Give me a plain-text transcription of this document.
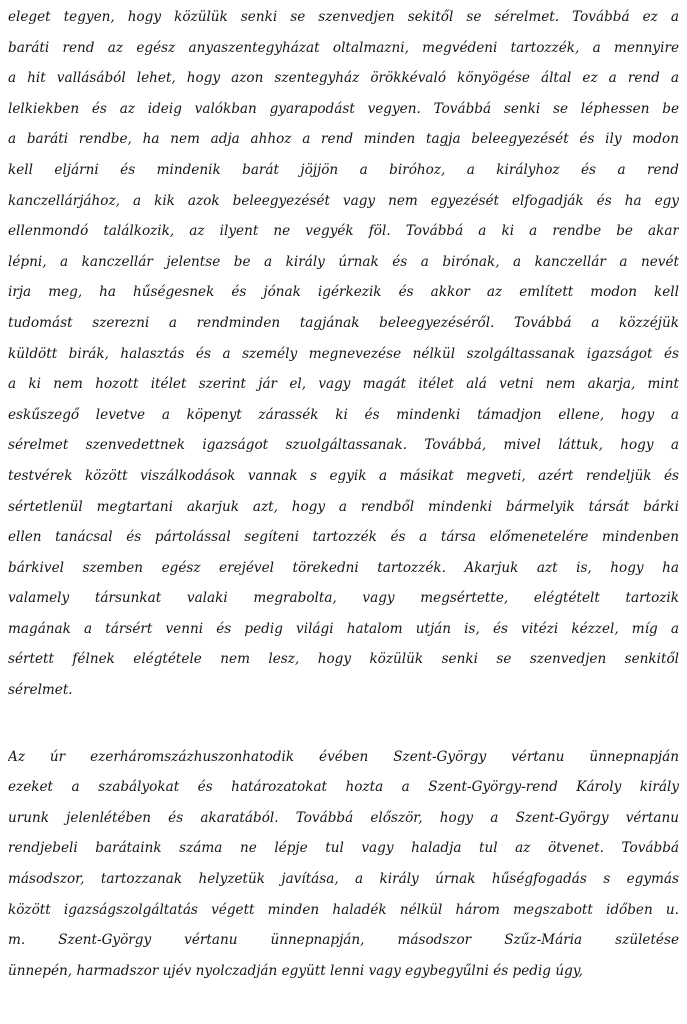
eleget tegyen, hogy közülük senki se szenvedjen sekitől se sérelmet. Továbbá ez a
baráti rend az egész anyaszentegyházat oltalmazni, megvédeni tartozzék, a mennyire
a hit vallásából lehet, hogy azon szentegyház örökkévaló könyögése által ez a rend a
lelkiekben és az ideig valókban gyarapodást vegyen. Továbbá senki se léphessen be
a baráti rendbe, ha nem adja ahhoz a rend minden tagja beleegyezését és ily modon
kell eljárni és mindenik barát jöjjön a biróhoz, a királyhoz és a rend
kanczellárjához, a kik azok beleegyezését vagy nem egyezését elfogadják és ha egy
ellenmondó találkozik, az ilyent ne vegyék föl. Továbbá a ki a rendbe be akar
lépni, a kanczellár jelentse be a király úrnak és a birónak, a kanczellár a nevét
irja meg, ha hűségesnek és jónak igérkezik és akkor az említett modon kell
tudomást szerezni a rendminden tagjának beleegyezéséről. Továbbá a közzéjük
küldött birák, halasztás és a személy megnevezése nélkül szolgáltassanak igazságot és
a ki nem hozott itélet szerint jár el, vagy magát itélet alá vetni nem akarja, mint
eskűszegő levetve a köpenyt zárassék ki és mindenki támadjon ellene, hogy a
sérelmet szenvedettnek igazságot szuolgáltassanak. Továbbá, mivel láttuk, hogy a
testvérek között viszálkodások vannak s egyik a másikat megveti, azért rendeljük és
sértetlenül megtartani akarjuk azt, hogy a rendből mindenki bármelyik társát bárki
ellen tanácsal és pártolással segíteni tartozzék és a társa előmenetelére mindenben
bárkivel szemben egész erejével törekedni tartozzék. Akarjuk azt is, hogy ha
valamely társunkat valaki megrabolta, vagy megsértette, elégtételt tartozik
magának a társért venni és pedig világi hatalom utján is, és vitézi kézzel, míg a
sértett félnek elégtétele nem lesz, hogy közülük senki se szenvedjen senkitől
sérelmet.
Az úr ezerháromszázhuszonhatodik évében Szent-György vértanu ünnepnapján
ezeket a szabályokat és határozatokat hozta a Szent-György-rend Károly király
urunk jelenlétében és akaratából. Továbbá először, hogy a Szent-György vértanu
rendjebeli barátaink száma ne lépje tul vagy haladja tul az ötvenet. Továbbá
másodszor, tartozzanak helyzetük javítása, a király úrnak hűségfogadás s egymás
között igazságszolgáltatás végett minden haladék nélkül három megszabott időben u.
m. Szent-György vértanu ünnepnapján, másodszor Szűz-Mária születése
ünnepén, harmadszor ujév nyolczadján együtt lenni vagy egybegyűlni és pedig úgy,
